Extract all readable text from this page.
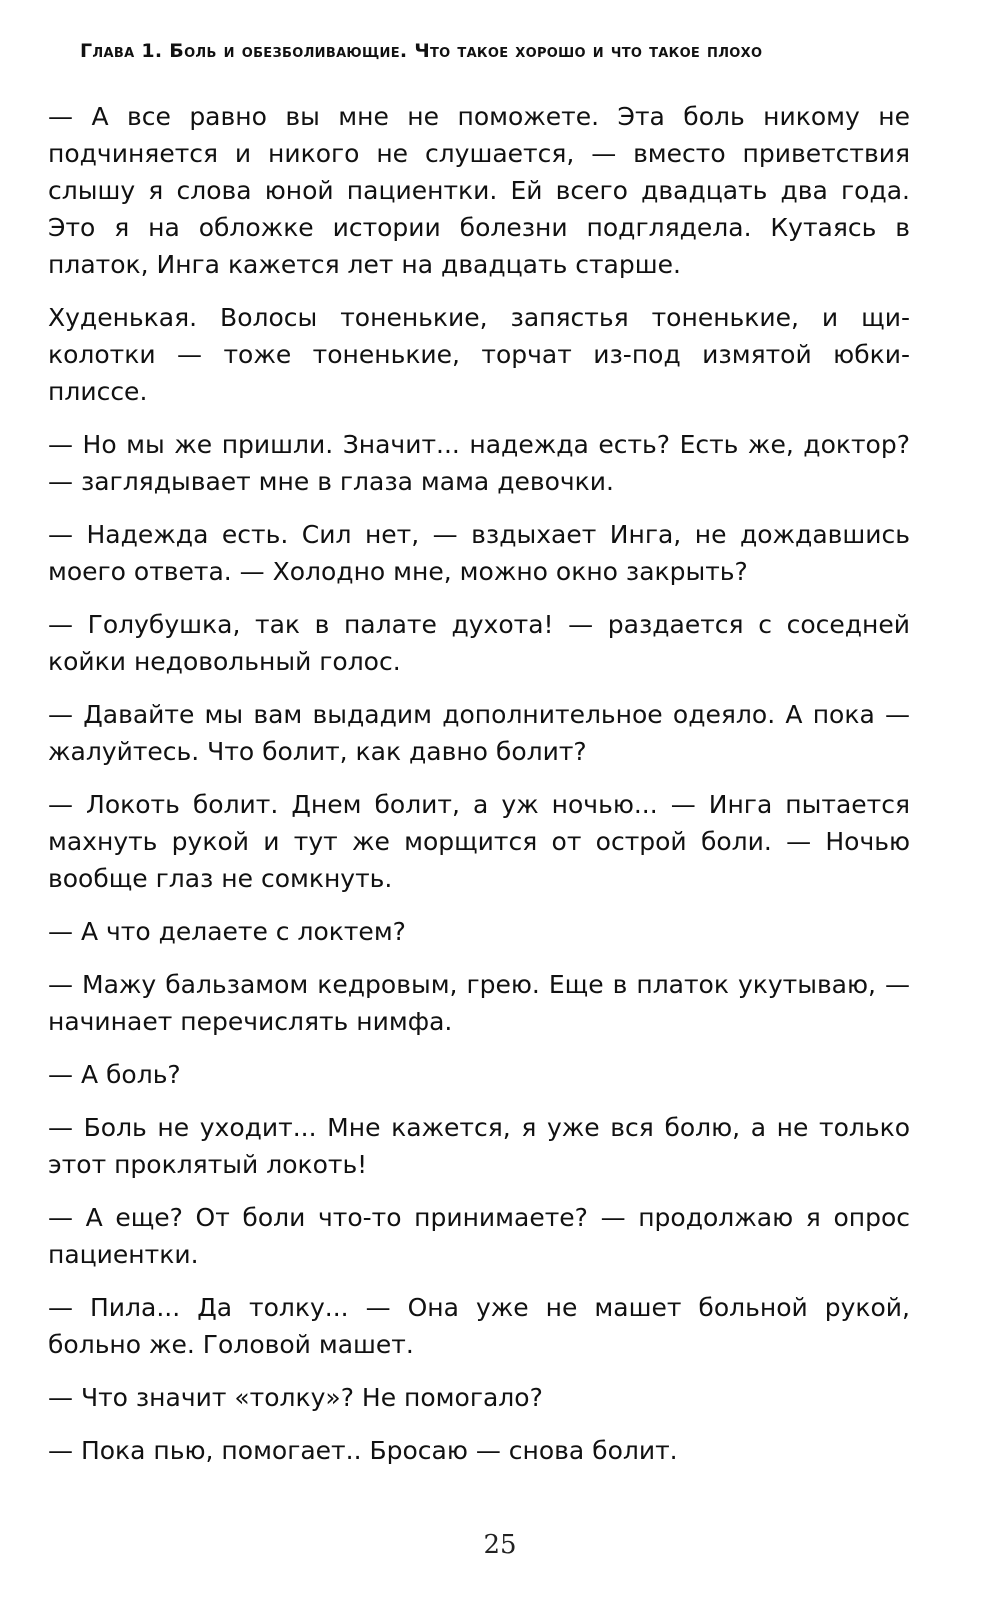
Глава 1. Боль и обезболивающие. Что такое хорошо и что такое плохо

— А все равно вы мне не поможете. Эта боль никому не подчиняется и никого не слушается, — вместо приветствия слышу я слова юной пациентки. Ей всего двадцать два года. Это я на обложке истории болезни подглядела. Кутаясь в платок, Инга кажется лет на двадцать старше.

Худенькая. Волосы тоненькие, запястья тоненькие, и щиколотки — тоже тоненькие, торчат из-под измятой юбки-плиссе.

— Но мы же пришли. Значит... надежда есть? Есть же, доктор? — заглядывает мне в глаза мама девочки.

— Надежда есть. Сил нет, — вздыхает Инга, не дождавшись моего ответа. — Холодно мне, можно окно закрыть?

— Голубушка, так в палате духота! — раздается с соседней койки недовольный голос.

— Давайте мы вам выдадим дополнительное одеяло. А пока — жалуйтесь. Что болит, как давно болит?

— Локоть болит. Днем болит, а уж ночью... — Инга пытается махнуть рукой и тут же морщится от острой боли. — Ночью вообще глаз не сомкнуть.

— А что делаете с локтем?

— Мажу бальзамом кедровым, грею. Еще в платок укутываю, — начинает перечислять нимфа.

— А боль?

— Боль не уходит... Мне кажется, я уже вся болю, а не только этот проклятый локоть!

— А еще? От боли что-то принимаете? — продолжаю я опрос пациентки.

— Пила... Да толку... — Она уже не машет больной рукой, больно же. Головой машет.

— Что значит «толку»? Не помогало?

— Пока пью, помогает.. Бросаю — снова болит.

25
